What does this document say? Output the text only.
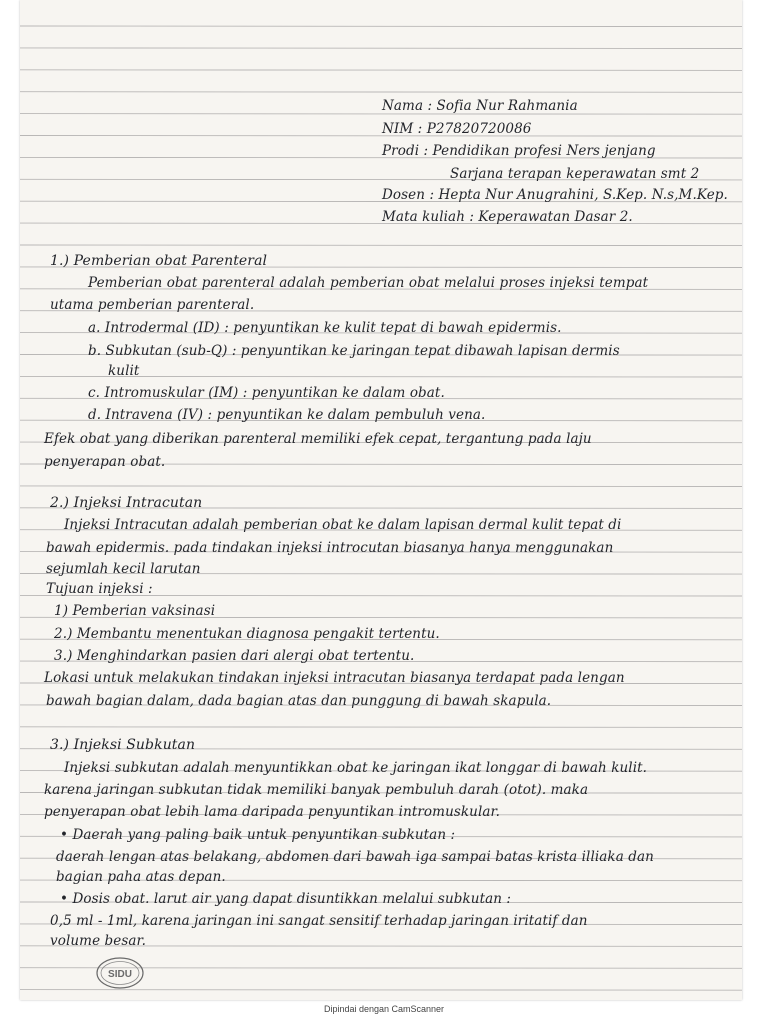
Nama : Sofia Nur Rahmania
NIM : P27820720086
Prodi : Pendidikan profesi Ners jenjang
Sarjana terapan keperawatan smt 2
Dosen : Hepta Nur Anugrahini, S.Kep. N.s,M.Kep.
Mata kuliah : Keperawatan Dasar 2.
1.) Pemberian obat Parenteral
Pemberian obat parenteral adalah pemberian obat melalui proses injeksi tempat
utama pemberian parenteral.
a. Introdermal (ID) : penyuntikan ke kulit tepat di bawah epidermis.
b. Subkutan (sub-Q) : penyuntikan ke jaringan tepat dibawah lapisan dermis
kulit
c. Intromuskular (IM) : penyuntikan ke dalam obat.
d. Intravena (IV) : penyuntikan ke dalam pembuluh vena.
Efek obat yang diberikan parenteral memiliki efek cepat, tergantung pada laju
penyerapan obat.
2.) Injeksi Intracutan
Injeksi Intracutan adalah pemberian obat ke dalam lapisan dermal kulit tepat di
bawah epidermis. pada tindakan injeksi introcutan biasanya hanya menggunakan
sejumlah kecil larutan
Tujuan injeksi :
1) Pemberian vaksinasi
2.) Membantu menentukan diagnosa pengakit tertentu.
3.) Menghindarkan pasien dari alergi obat tertentu.
Lokasi untuk melakukan tindakan injeksi intracutan biasanya terdapat pada lengan
bawah bagian dalam, dada bagian atas dan punggung di bawah skapula.
3.) Injeksi Subkutan
Injeksi subkutan adalah menyuntikkan obat ke jaringan ikat longgar di bawah kulit.
karena jaringan subkutan tidak memiliki banyak pembuluh darah (otot). maka
penyerapan obat lebih lama daripada penyuntikan intromuskular.
• Daerah yang paling baik untuk penyuntikan subkutan :
daerah lengan atas belakang, abdomen dari bawah iga sampai batas krista illiaka dan
bagian paha atas depan.
• Dosis obat. larut air yang dapat disuntikkan melalui subkutan :
0,5 ml - 1ml, karena jaringan ini sangat sensitif terhadap jaringan iritatif dan
volume besar.
SIDU
Dipindai dengan CamScanner
